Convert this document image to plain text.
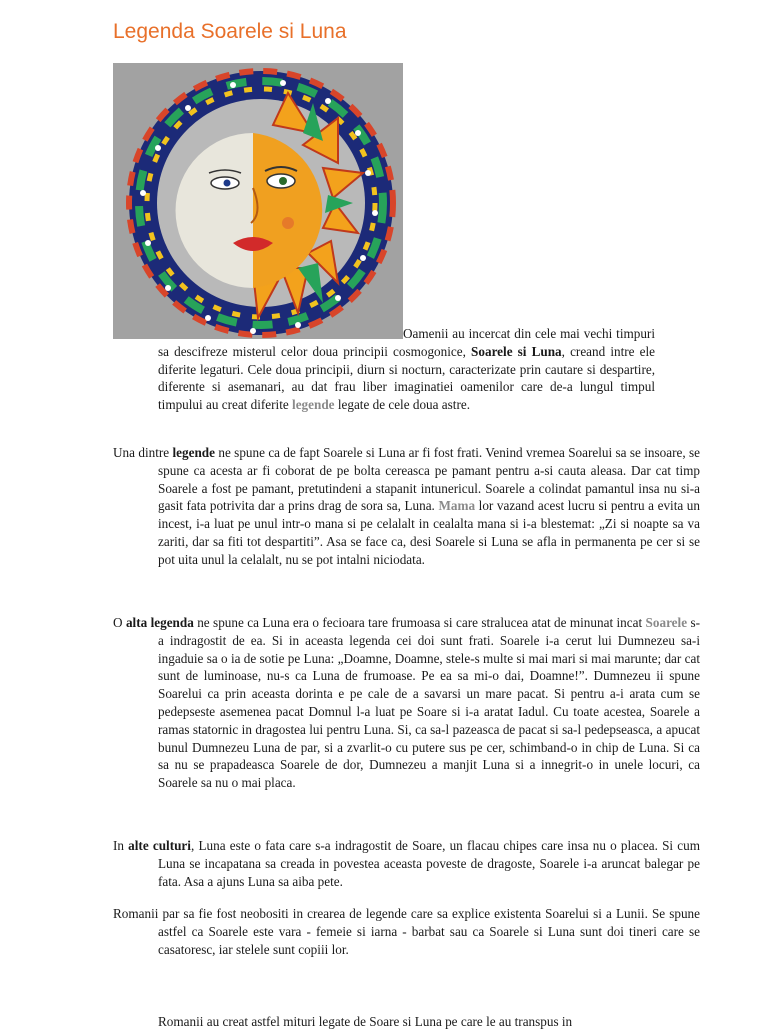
Legenda Soarele si Luna

Oamenii au incercat din cele mai vechi timpuri sa descifreze misterul celor doua principii cosmogonice, Soarele si Luna, creand intre ele diferite legaturi. Cele doua principii, diurn si nocturn, caracterizate prin cautare si despartire, diferente si asemanari, au dat frau liber imaginatiei oamenilor care de-a lungul timpul timpului au creat diferite legende legate de cele doua astre.

Una dintre legende ne spune ca de fapt Soarele si Luna ar fi fost frati. Venind vremea Soarelui sa se insoare, se spune ca acesta ar fi coborat de pe bolta cereasca pe pamant pentru a-si cauta aleasa. Dar cat timp Soarele a fost pe pamant, pretutindeni a stapanit intunericul. Soarele a colindat pamantul insa nu si-a gasit fata potrivita dar a prins drag de sora sa, Luna. Mama lor vazand acest lucru si pentru a evita un incest, i-a luat pe unul intr-o mana si pe celalalt in cealalta mana si i-a blestemat: „Zi si noapte sa va zariti, dar sa fiti tot despartiti”. Asa se face ca, desi Soarele si Luna se afla in permanenta pe cer si se pot uita unul la celalalt, nu se pot intalni niciodata.

O alta legenda ne spune ca Luna era o fecioara tare frumoasa si care stralucea atat de minunat incat Soarele s-a indragostit de ea. Si in aceasta legenda cei doi sunt frati. Soarele i-a cerut lui Dumnezeu sa-i ingaduie sa o ia de sotie pe Luna: „Doamne, Doamne, stele-s multe si mai mari si mai marunte; dar cat sunt de luminoase, nu-s ca Luna de frumoase. Pe ea sa mi-o dai, Doamne!”. Dumnezeu ii spune Soarelui ca prin aceasta dorinta e pe cale de a savarsi un mare pacat. Si pentru a-i arata cum se pedepseste asemenea pacat Domnul l-a luat pe Soare si i-a aratat Iadul. Cu toate acestea, Soarele a ramas statornic in dragostea lui pentru Luna. Si, ca sa-l pazeasca de pacat si sa-l pedepseasca, a apucat bunul Dumnezeu Luna de par, si a zvarlit-o cu putere sus pe cer, schimband-o in chip de Luna. Si ca sa nu se prapadeasca Soarele de dor, Dumnezeu a manjit Luna si a innegrit-o in unele locuri, ca Soarele sa nu o mai placa.

In alte culturi, Luna este o fata care s-a indragostit de Soare, un flacau chipes care insa nu o placea. Si cum Luna se incapatana sa creada in povestea aceasta poveste de dragoste, Soarele i-a aruncat balegar pe fata. Asa a ajuns Luna sa aiba pete.

Romanii par sa fie fost neobositi in crearea de legende care sa explice existenta Soarelui si a Lunii. Se spune astfel ca Soarele este vara - femeie si iarna - barbat sau ca Soarele si Luna sunt doi tineri care se casatoresc, iar stelele sunt copiii lor.

Romanii au creat astfel mituri legate de Soare si Luna pe care le au transpus in
